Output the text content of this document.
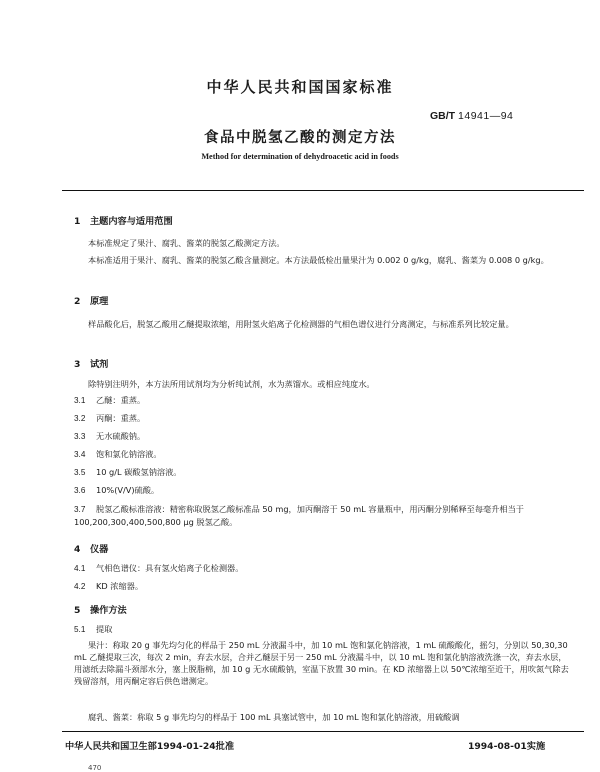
中华人民共和国国家标准
GB/T 14941—94
食品中脱氢乙酸的测定方法
Method for determination of dehydroacetic acid in foods
1 主题内容与适用范围
本标准规定了果汁、腐乳、酱菜的脱氢乙酸测定方法。
本标准适用于果汁、腐乳、酱菜的脱氢乙酸含量测定。本方法最低检出量果汁为 0.002 0 g/kg，腐乳、酱菜为 0.008 0 g/kg。
2 原理
样品酸化后，脱氢乙酸用乙醚提取浓缩，用附氢火焰离子化检测器的气相色谱仪进行分离测定，与标准系列比较定量。
3 试剂
除特别注明外，本方法所用试剂均为分析纯试剂，水为蒸馏水。或相应纯度水。
3.1 乙醚：重蒸。
3.2 丙酮：重蒸。
3.3 无水硫酸钠。
3.4 饱和氯化钠溶液。
3.5 10 g/L 碳酸氢钠溶液。
3.6 10%(V/V)硫酸。
3.7 脱氢乙酸标准溶液：精密称取脱氢乙酸标准品 50 mg，加丙酮溶于 50 mL 容量瓶中，用丙酮分别稀释至每毫升相当于 100,200,300,400,500,800 μg 脱氢乙酸。
4 仪器
4.1 气相色谱仪：具有氢火焰离子化检测器。
4.2 KD 浓缩器。
5 操作方法
5.1 提取
果汁：称取 20 g 事先均匀化的样品于 250 mL 分液漏斗中，加 10 mL 饱和氯化钠溶液，1 mL 硫酸酸化，摇匀，分别以 50,30,30 mL 乙醚提取三次，每次 2 min，弃去水层，合并乙醚层于另一 250 mL 分液漏斗中，以 10 mL 饱和氯化钠溶液洗涤一次，弃去水层，用滤纸去除漏斗颈部水分，塞上脱脂棉，加 10 g 无水硫酸钠，室温下放置 30 min。在 KD 浓缩器上以 50℃浓缩至近干，用吹氮气除去残留溶剂，用丙酮定容后供色谱测定。
腐乳、酱菜：称取 5 g 事先均匀的样品于 100 mL 具塞试管中，加 10 mL 饱和氯化钠溶液，用硫酸调
中华人民共和国卫生部1994-01-24批准	1994-08-01实施
470
